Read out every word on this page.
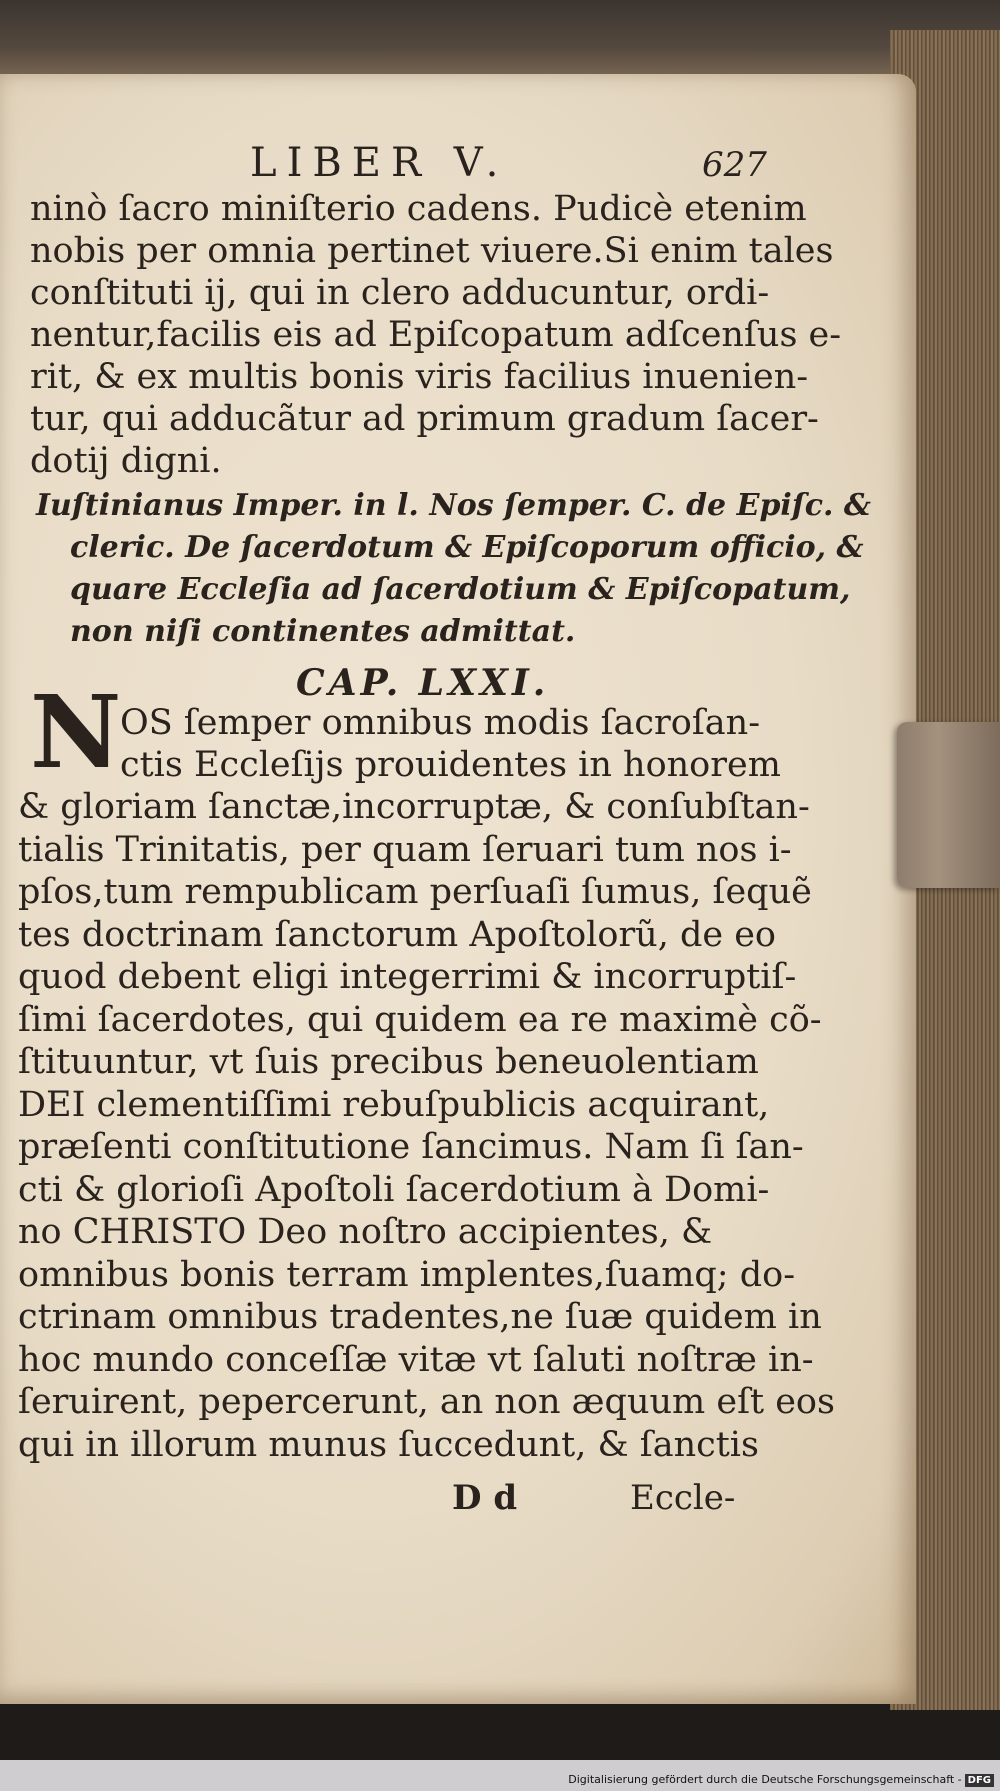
LIBER V.	627
ninò ſacro miniſterio cadens. Pudicè etenim
nobis per omnia pertinet viuere.Si enim tales
conſtituti ij, qui in clero adducuntur, ordi-
nentur,facilis eis ad Epiſcopatum adſcenſus e-
rit, & ex multis bonis viris facilius inuenien-
tur, qui adducãtur ad primum gradum ſacer-
dotij digni.
Iuſtinianus Imper. in l. Nos ſemper. C. de Epiſc. &
cleric. De ſacerdotum & Epiſcoporum officio, &
quare Eccleſia ad ſacerdotium & Epiſcopatum,
non niſi continentes admittat.
CAP. LXXI.
N
OS ſemper omnibus modis ſacroſan-
ctis Eccleſijs prouidentes in honorem
& gloriam ſanctæ,incorruptæ, & conſubſtan-
tialis Trinitatis, per quam ſeruari tum nos i-
pſos,tum rempublicam perſuaſi ſumus, ſequẽ
tes doctrinam ſanctorum Apoſtolorũ, de eo
quod debent eligi integerrimi & incorruptiſ-
ſimi ſacerdotes, qui quidem ea re maximè cõ-
ſtituuntur, vt ſuis precibus beneuolentiam
DEI clementiſſimi rebuſpublicis acquirant,
præſenti conſtitutione ſancimus. Nam ſi ſan-
cti & glorioſi Apoſtoli ſacerdotium à Domi-
no CHRISTO Deo noſtro accipientes, &
omnibus bonis terram implentes,ſuamq; do-
ctrinam omnibus tradentes,ne ſuæ quidem in
hoc mundo conceſſæ vitæ vt ſaluti noſtræ in-
ſeruirent, pepercerunt, an non æquum eſt eos
qui in illorum munus ſuccedunt, & ſanctis
D d	Eccle-
Digitalisierung gefördert durch die Deutsche Forschungsgemeinschaft - DFG
